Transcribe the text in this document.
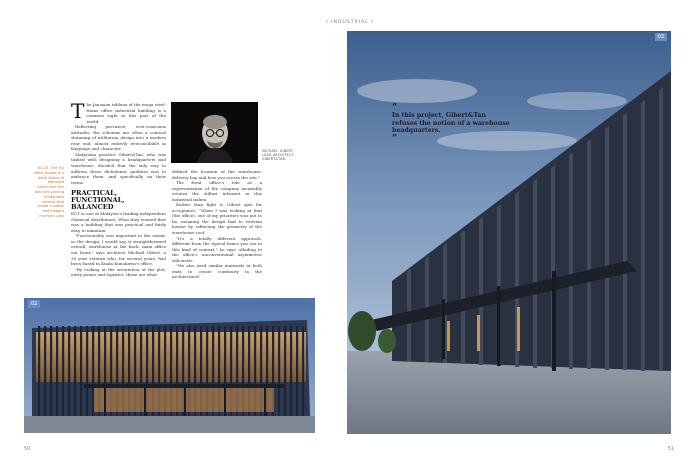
/ INDUSTRIAL /
02-03. The HQ office facade is a deep lattice of extruded aluminium fins that has varying tenderness centres that create a subtle and elegant rhythmic play

The Janusian tableau of the mega steel-frame office industrial building is a common sight in this part of the world.

Reflecting pervasive, cost-conscious attitudes, the schemes are often a comical shunning of utilitarian design into a modern rear end, almost entirely irreconcilable in language and character.

Malaysian practice Gibert&Tan, who was tasked with designing a headquarters and warehouse, decided that the only way to address these dichotomic qualities was to embrace them, and specifically on their terms.

PRACTICAL, FUNCTIONAL, BALANCED

ECT is one of Malaysia's leading independent chemical distributors. What they wanted first was a building that was practical and fairly easy to maintain.

"Functionality was important to the owner, so the design, I would say, is straightforward overall, warehouse at the back, main office out front," says architect Michael Gibert, a 30 year veteran who, for several years, had been based in Kuala Kunokawa's office.

"By looking at the orientation of the plot, entry points and logistics, these are what

MICHAEL GIBERT, LEAD ARCHITECT, GIBERT&TAN

defined the location of the warehouse, delivery bay and how you access the site."

The front office's role as a representation of the company invariably creates the stillest inherent in this industrial milieu.

Rather than fight it, Gibert opts for acceptance. "When I was looking at that (the office), one of my priorities was not to be, meaning the design had to restrain honest by reflecting the geometry of the warehouse roof.

"It's a totally different approach, different from the typical boxes you see in this kind of context," he says, alluding to the office's unconventional asymmetric silhouette.

"We also used similar materials at both ends to create continuity in the architectural

02
50
03
“
In this project, Gibert&Tan refuses the notion of a warehouse headquarters.
”
51
